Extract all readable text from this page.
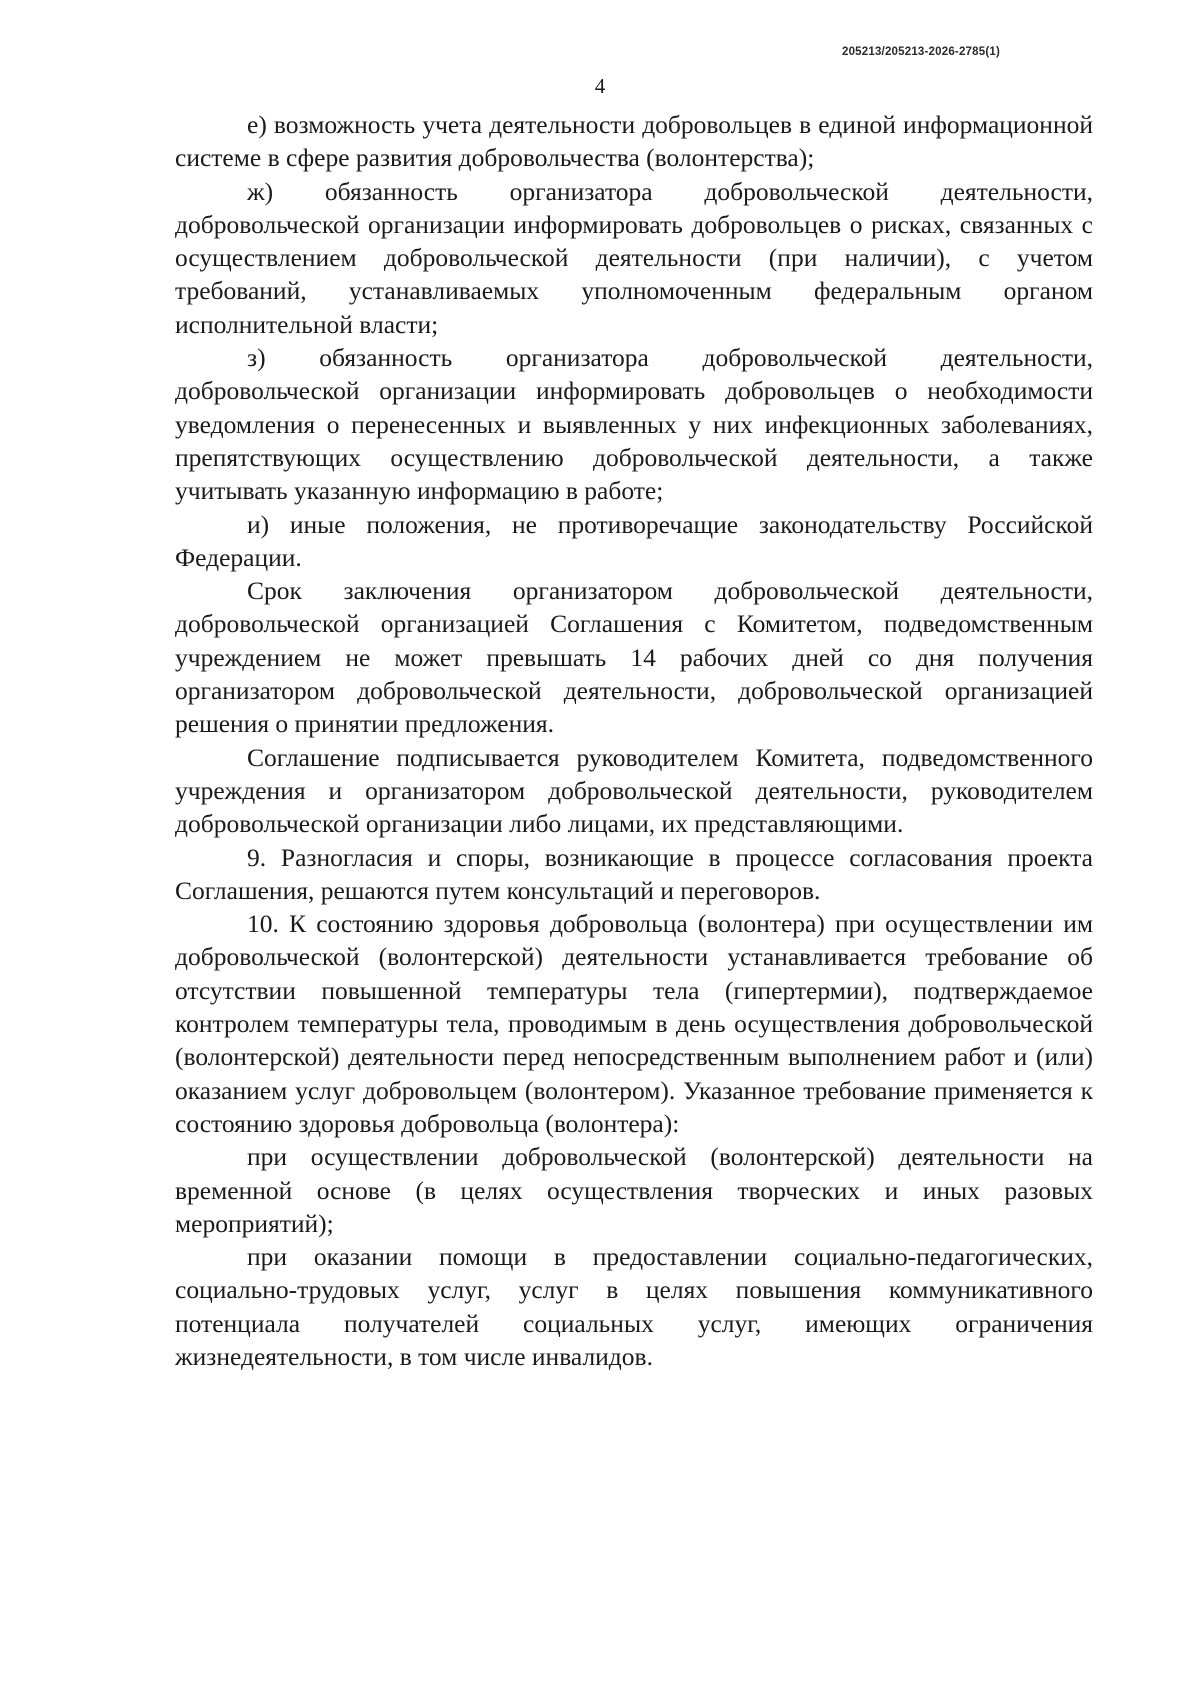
205213/205213-2026-2785(1)
4

е) возможность учета деятельности добровольцев в единой информационной системе в сфере развития добровольчества (волонтерства);

ж) обязанность организатора добровольческой деятельности, добровольческой организации информировать добровольцев о рисках, связанных с осуществлением добровольческой деятельности (при наличии), с учетом требований, устанавливаемых уполномоченным федеральным органом исполнительной власти;

з) обязанность организатора добровольческой деятельности, добровольческой организации информировать добровольцев о необходимости уведомления о перенесенных и выявленных у них инфекционных заболеваниях, препятствующих осуществлению добровольческой деятельности, а также учитывать указанную информацию в работе;

и) иные положения, не противоречащие законодательству Российской Федерации.

Срок заключения организатором добровольческой деятельности, добровольческой организацией Соглашения с Комитетом, подведомственным учреждением не может превышать 14 рабочих дней со дня получения организатором добровольческой деятельности, добровольческой организацией решения о принятии предложения.

Соглашение подписывается руководителем Комитета, подведомственного учреждения и организатором добровольческой деятельности, руководителем добровольческой организации либо лицами, их представляющими.

9. Разногласия и споры, возникающие в процессе согласования проекта Соглашения, решаются путем консультаций и переговоров.

10. К состоянию здоровья добровольца (волонтера) при осуществлении им добровольческой (волонтерской) деятельности устанавливается требование об отсутствии повышенной температуры тела (гипертермии), подтверждаемое контролем температуры тела, проводимым в день осуществления добровольческой (волонтерской) деятельности перед непосредственным выполнением работ и (или) оказанием услуг добровольцем (волонтером). Указанное требование применяется к состоянию здоровья добровольца (волонтера):

при осуществлении добровольческой (волонтерской) деятельности на временной основе (в целях осуществления творческих и иных разовых мероприятий);

при оказании помощи в предоставлении социально-педагогических, социально-трудовых услуг, услуг в целях повышения коммуникативного потенциала получателей социальных услуг, имеющих ограничения жизнедеятельности, в том числе инвалидов.
